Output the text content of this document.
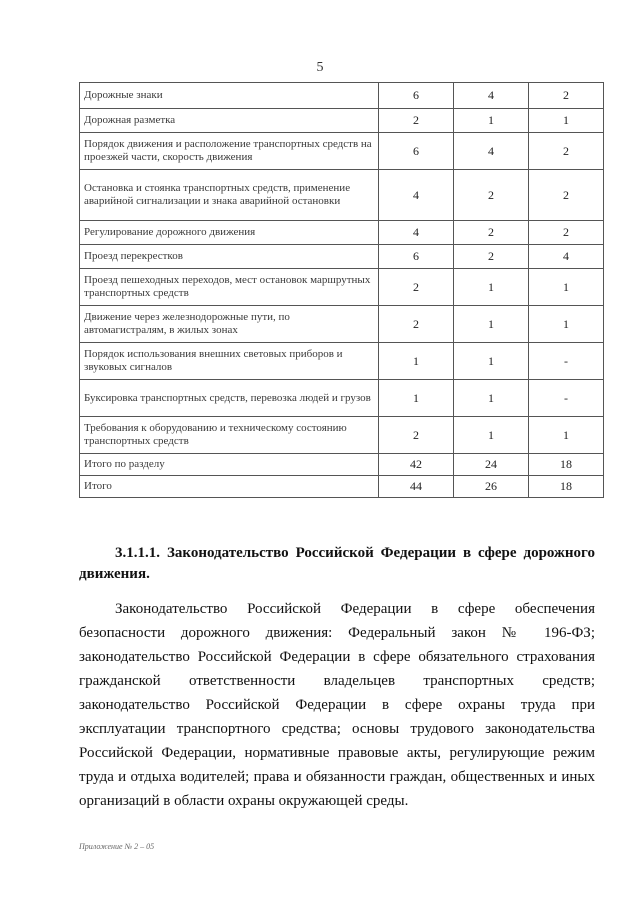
5
Дорожные знаки	6	4	2
Дорожная разметка	2	1	1
Порядок движения и расположение транспортных средств на проезжей части, скорость движения	6	4	2
Остановка и стоянка транспортных средств, применение аварийной сигнализации и знака аварийной остановки	4	2	2
Регулирование дорожного движения	4	2	2
Проезд перекрестков	6	2	4
Проезд пешеходных переходов, мест остановок маршрутных транспортных средств	2	1	1
Движение через железнодорожные пути, по автомагистралям, в жилых зонах	2	1	1
Порядок использования внешних световых приборов и звуковых сигналов	1	1	-
Буксировка транспортных средств, перевозка людей и грузов	1	1	-
Требования к оборудованию и техническому состоянию транспортных средств	2	1	1
Итого по разделу	42	24	18
Итого	44	26	18
3.1.1.1. Законодательство Российской Федерации в сфере дорожного движения.
Законодательство Российской Федерации в сфере обеспечения безопасности дорожного движения: Федеральный закон № 196-ФЗ; законодательство Российской Федерации в сфере обязательного страхования гражданской ответственности владельцев транспортных средств; законодательство Российской Федерации в сфере охраны труда при эксплуатации транспортного средства; основы трудового законодательства Российской Федерации, нормативные правовые акты, регулирующие режим труда и отдыха водителей; права и обязанности граждан, общественных и иных организаций в области охраны окружающей среды.
Приложение № 2 – 05
